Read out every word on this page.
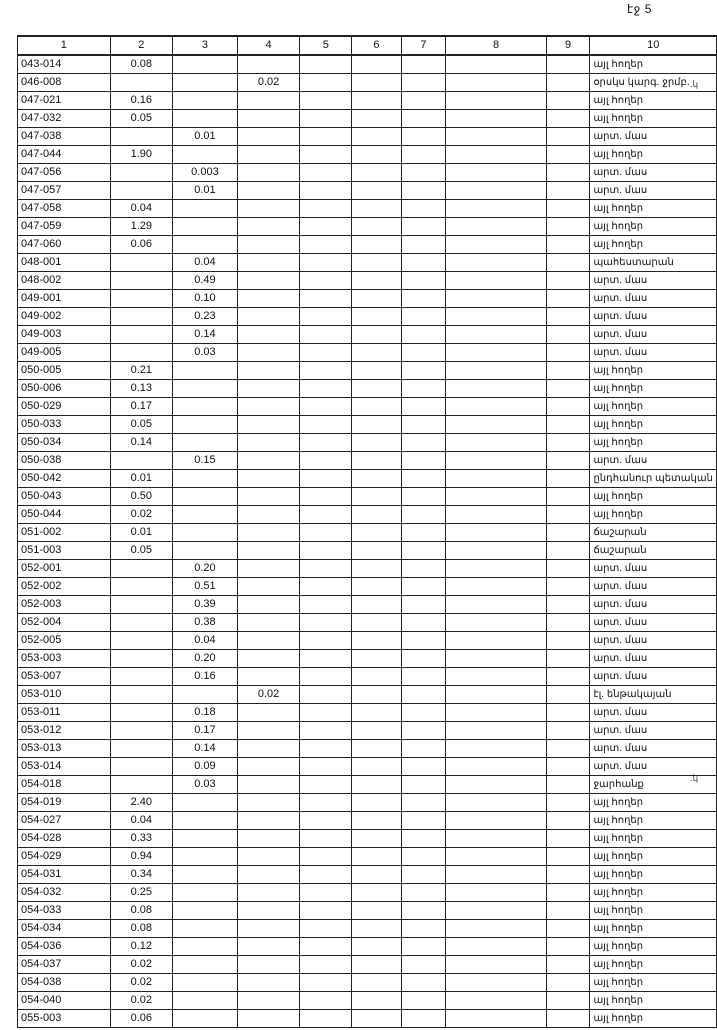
էջ 5
.կ
.կ
1	2	3	4	5	6	7	8	9	10
043-014	0.08								այլ հողեր
046-008			0.02						օրսկս կարգ. ջրմբ.
047-021	0.16								այլ հողեր
047-032	0.05								այլ հողեր
047-038		0.01							արտ. մաս
047-044	1.90								այլ հողեր
047-056		0.003							արտ. մաս
047-057		0.01							արտ. մաս
047-058	0.04								այլ հողեր
047-059	1.29								այլ հողեր
047-060	0.06								այլ հողեր
048-001		0.04							պահեստարան
048-002		0.49							արտ. մաս
049-001		0.10							արտ. մաս
049-002		0.23							արտ. մաս
049-003		0.14							արտ. մաս
049-005		0.03							արտ. մաս
050-005	0.21								այլ հողեր
050-006	0.13								այլ հողեր
050-029	0.17								այլ հողեր
050-033	0.05								այլ հողեր
050-034	0.14								այլ հողեր
050-038		0.15							արտ. մաս
050-042	0.01								ընդհանուր պետական
050-043	0.50								այլ հողեր
050-044	0.02								այլ հողեր
051-002	0.01								ճաշարան
051-003	0.05								ճաշարան
052-001		0.20							արտ. մաս
052-002		0.51							արտ. մաս
052-003		0.39							արտ. մաս
052-004		0.38							արտ. մաս
052-005		0.04							արտ. մաս
053-003		0.20							արտ. մաս
053-007		0.16							արտ. մաս
053-010			0.02						էլ. ենթակայան
053-011		0.18							արտ. մաս
053-012		0.17							արտ. մաս
053-013		0.14							արտ. մաս
053-014		0.09							արտ. մաս
054-018		0.03							ջարհանք
054-019	2.40								այլ հողեր
054-027	0.04								այլ հողեր
054-028	0.33								այլ հողեր
054-029	0.94								այլ հողեր
054-031	0.34								այլ հողեր
054-032	0.25								այլ հողեր
054-033	0.08								այլ հողեր
054-034	0.08								այլ հողեր
054-036	0.12								այլ հողեր
054-037	0.02								այլ հողեր
054-038	0.02								այլ հողեր
054-040	0.02								այլ հողեր
055-003	0.06								այլ հողեր
